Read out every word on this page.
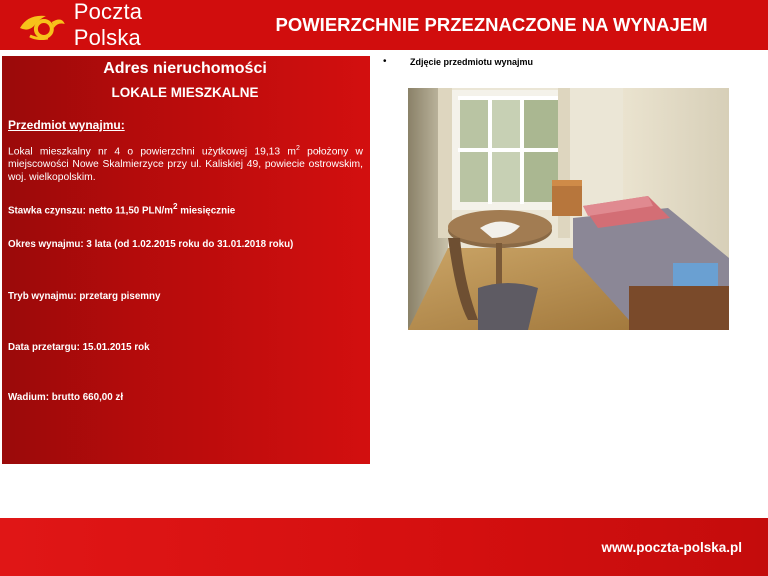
Poczta Polska
POWIERZCHNIE PRZEZNACZONE NA WYNAJEM
Adres nieruchomości
LOKALE MIESZKALNE
Przedmiot wynajmu:
Lokal mieszkalny nr 4 o powierzchni użytkowej 19,13 $m^2$ położony w miejscowości Nowe Skalmierzyce przy ul. Kaliskiej 49, powiecie ostrowskim, woj. wielkopolskim.
Stawka czynszu: netto 11,50 PLN/$m^2$ miesięcznie
Okres wynajmu: 3 lata (od 1.02.2015 roku do 31.01.2018 roku)
Tryb wynajmu: przetarg pisemny
Data przetargu: 15.01.2015 rok
Wadium: brutto 660,00 zł
•	Zdjęcie przedmiotu wynajmu
www.poczta-polska.pl
